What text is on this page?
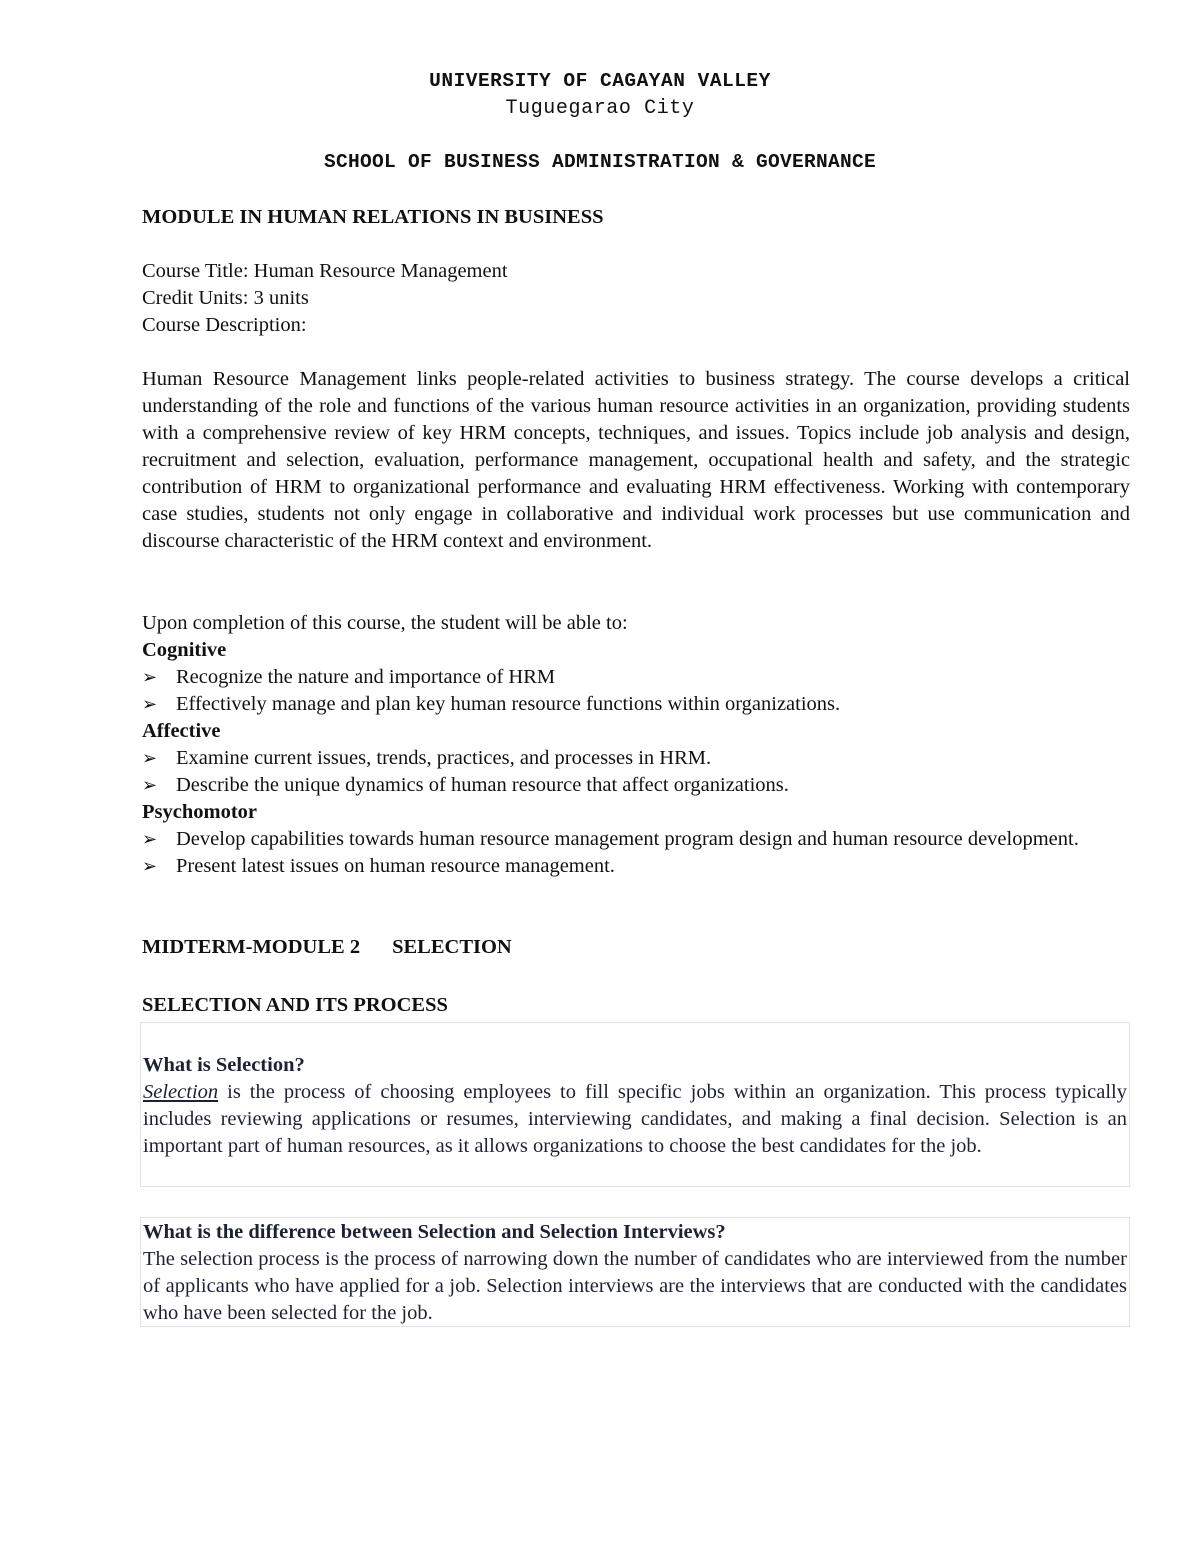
UNIVERSITY OF CAGAYAN VALLEY
Tuguegarao City
SCHOOL OF BUSINESS ADMINISTRATION & GOVERNANCE
MODULE IN HUMAN RELATIONS IN BUSINESS

Course Title: Human Resource Management

Credit Units: 3 units

Course Description:

Human Resource Management links people-related activities to business strategy. The course develops a critical understanding of the role and functions of the various human resource activities in an organization, providing students with a comprehensive review of key HRM concepts, techniques, and issues. Topics include job analysis and design, recruitment and selection, evaluation, performance management, occupational health and safety, and the strategic contribution of HRM to organizational performance and evaluating HRM effectiveness. Working with contemporary case studies, students not only engage in collaborative and individual work processes but use communication and discourse characteristic of the HRM context and environment.

Upon completion of this course, the student will be able to:

Cognitive

➢ Recognize the nature and importance of HRM
➢ Effectively manage and plan key human resource functions within organizations.

Affective

➢ Examine current issues, trends, practices, and processes in HRM.
➢ Describe the unique dynamics of human resource that affect organizations.

Psychomotor

➢ Develop capabilities towards human resource management program design and human resource development.
➢ Present latest issues on human resource management.
MIDTERM-MODULE 2 SELECTION
SELECTION AND ITS PROCESS

What is Selection?

Selection is the process of choosing employees to fill specific jobs within an organization. This process typically includes reviewing applications or resumes, interviewing candidates, and making a final decision. Selection is an important part of human resources, as it allows organizations to choose the best candidates for the job.

What is the difference between Selection and Selection Interviews?

The selection process is the process of narrowing down the number of candidates who are interviewed from the number of applicants who have applied for a job. Selection interviews are the interviews that are conducted with the candidates who have been selected for the job.
